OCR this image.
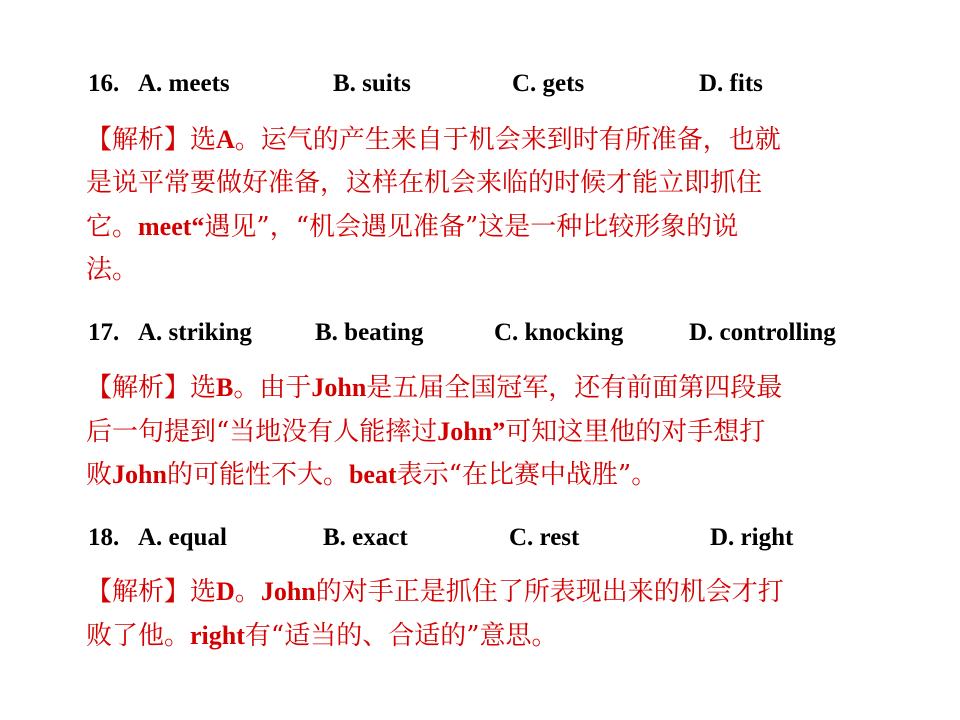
16. A. meets	B. suits	C. gets	D. fits
【解析】选A。运气的产生来自于机会来到时有所准备，也就
是说平常要做好准备，这样在机会来临的时候才能立即抓住
它。meet“遇见”，“机会遇见准备”这是一种比较形象的说
法。
17. A. striking	B. beating	C. knocking	D. controlling
【解析】选B。由于John是五届全国冠军，还有前面第四段最
后一句提到“当地没有人能摔过John”可知这里他的对手想打
败John的可能性不大。beat表示“在比赛中战胜”。
18. A. equal	B. exact	C. rest	D. right
【解析】选D。John的对手正是抓住了所表现出来的机会才打
败了他。right有“适当的、合适的”意思。
